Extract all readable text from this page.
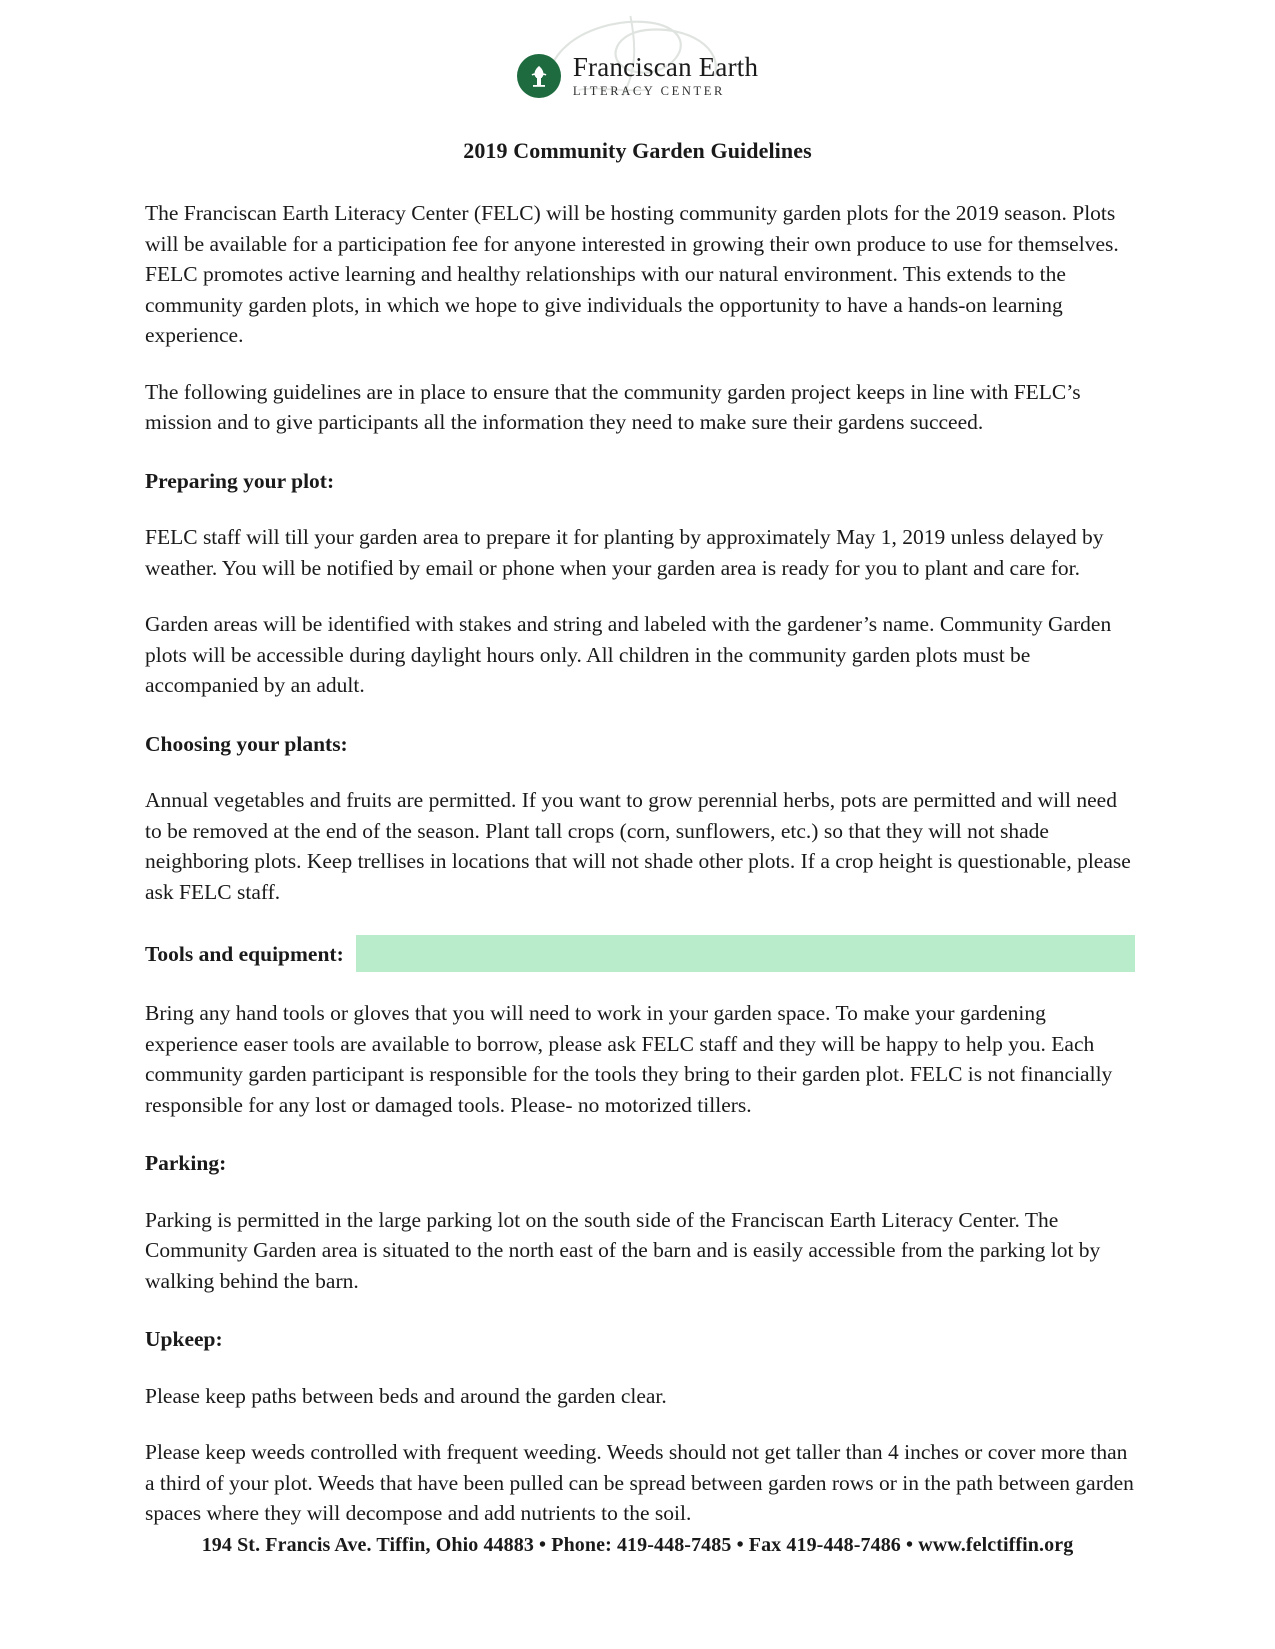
Franciscan Earth
LITERACY CENTER
2019 Community Garden Guidelines

The Franciscan Earth Literacy Center (FELC) will be hosting community garden plots for the 2019 season. Plots will be available for a participation fee for anyone interested in growing their own produce to use for themselves. FELC promotes active learning and healthy relationships with our natural environment. This extends to the community garden plots, in which we hope to give individuals the opportunity to have a hands-on learning experience.

The following guidelines are in place to ensure that the community garden project keeps in line with FELC’s mission and to give participants all the information they need to make sure their gardens succeed.

Preparing your plot:

FELC staff will till your garden area to prepare it for planting by approximately May 1, 2019 unless delayed by weather. You will be notified by email or phone when your garden area is ready for you to plant and care for.

Garden areas will be identified with stakes and string and labeled with the gardener’s name. Community Garden plots will be accessible during daylight hours only. All children in the community garden plots must be accompanied by an adult.

Choosing your plants:

Annual vegetables and fruits are permitted. If you want to grow perennial herbs, pots are permitted and will need to be removed at the end of the season. Plant tall crops (corn, sunflowers, etc.) so that they will not shade neighboring plots. Keep trellises in locations that will not shade other plots. If a crop height is questionable, please ask FELC staff.

Tools and equipment:

Bring any hand tools or gloves that you will need to work in your garden space. To make your gardening experience easer tools are available to borrow, please ask FELC staff and they will be happy to help you. Each community garden participant is responsible for the tools they bring to their garden plot. FELC is not financially responsible for any lost or damaged tools. Please- no motorized tillers.

Parking:

Parking is permitted in the large parking lot on the south side of the Franciscan Earth Literacy Center. The Community Garden area is situated to the north east of the barn and is easily accessible from the parking lot by walking behind the barn.

Upkeep:

Please keep paths between beds and around the garden clear.

Please keep weeds controlled with frequent weeding. Weeds should not get taller than 4 inches or cover more than a third of your plot. Weeds that have been pulled can be spread between garden rows or in the path between garden spaces where they will decompose and add nutrients to the soil.

194 St. Francis Ave. Tiffin, Ohio 44883 • Phone: 419-448-7485 • Fax 419-448-7486 • www.felctiffin.org
